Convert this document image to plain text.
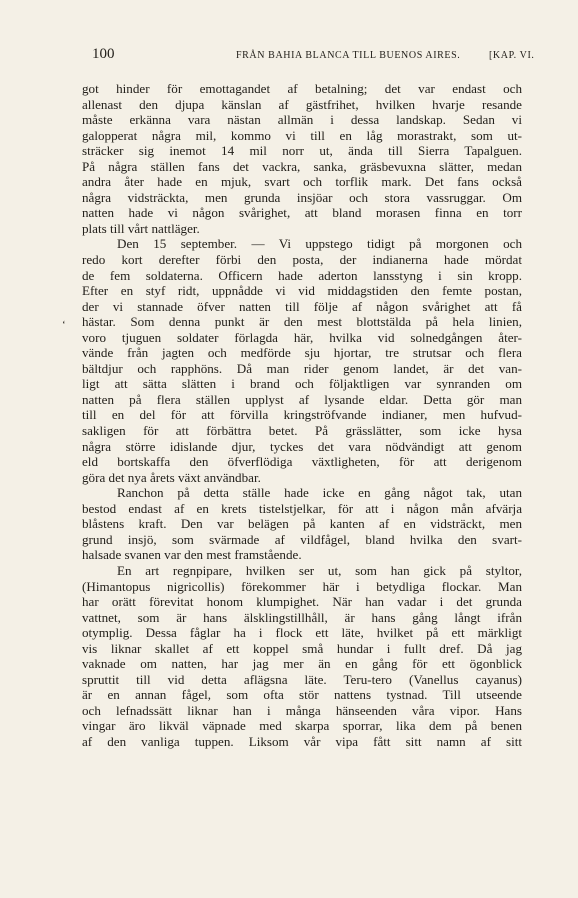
100	FRÅN BAHIA BLANCA TILL BUENOS AIRES.	[KAP. VI.
‘
got hinder för emottagandet af betalning; det var endast och
allenast den djupa känslan af gästfrihet, hvilken hvarje resande
måste erkänna vara nästan allmän i dessa landskap. Sedan vi
galopperat några mil, kommo vi till en låg morastrakt, som ut-
sträcker sig inemot 14 mil norr ut, ända till Sierra Tapalguen.
På några ställen fans det vackra, sanka, gräsbevuxna slätter, medan
andra åter hade en mjuk, svart och torflik mark. Det fans också
några vidsträckta, men grunda insjöar och stora vassruggar. Om
natten hade vi någon svårighet, att bland morasen finna en torr
plats till vårt nattläger.
Den 15 september. — Vi uppstego tidigt på morgonen och
redo kort derefter förbi den posta, der indianerna hade mördat
de fem soldaterna. Officern hade aderton lansstyng i sin kropp.
Efter en styf ridt, uppnådde vi vid middagstiden den femte postan,
der vi stannade öfver natten till följe af någon svårighet att få
hästar. Som denna punkt är den mest blottstälda på hela linien,
voro tjuguen soldater förlagda här, hvilka vid solnedgången åter-
vände från jagten och medförde sju hjortar, tre strutsar och flera
bältdjur och rapphöns. Då man rider genom landet, är det van-
ligt att sätta slätten i brand och följaktligen var synranden om
natten på flera ställen upplyst af lysande eldar. Detta gör man
till en del för att förvilla kringströfvande indianer, men hufvud-
sakligen för att förbättra betet. På grässlätter, som icke hysa
några större idislande djur, tyckes det vara nödvändigt att genom
eld bortskaffa den öfverflödiga växtligheten, för att derigenom
göra det nya årets växt användbar.
Ranchon på detta ställe hade icke en gång något tak, utan
bestod endast af en krets tistelstjelkar, för att i någon mån afvärja
blåstens kraft. Den var belägen på kanten af en vidsträckt, men
grund insjö, som svärmade af vildfågel, bland hvilka den svart-
halsade svanen var den mest framstående.
En art regnpipare, hvilken ser ut, som han gick på styltor,
(Himantopus nigricollis) förekommer här i betydliga flockar. Man
har orätt förevitat honom klumpighet. När han vadar i det grunda
vattnet, som är hans älsklingstillhåll, är hans gång långt ifrån
otymplig. Dessa fåglar ha i flock ett läte, hvilket på ett märkligt
vis liknar skallet af ett koppel små hundar i fullt dref. Då jag
vaknade om natten, har jag mer än en gång för ett ögonblick
spruttit till vid detta aflägsna läte. Teru-tero (Vanellus cayanus)
är en annan fågel, som ofta stör nattens tystnad. Till utseende
och lefnadssätt liknar han i många hänseenden våra vipor. Hans
vingar äro likväl väpnade med skarpa sporrar, lika dem på benen
af den vanliga tuppen. Liksom vår vipa fått sitt namn af sitt
